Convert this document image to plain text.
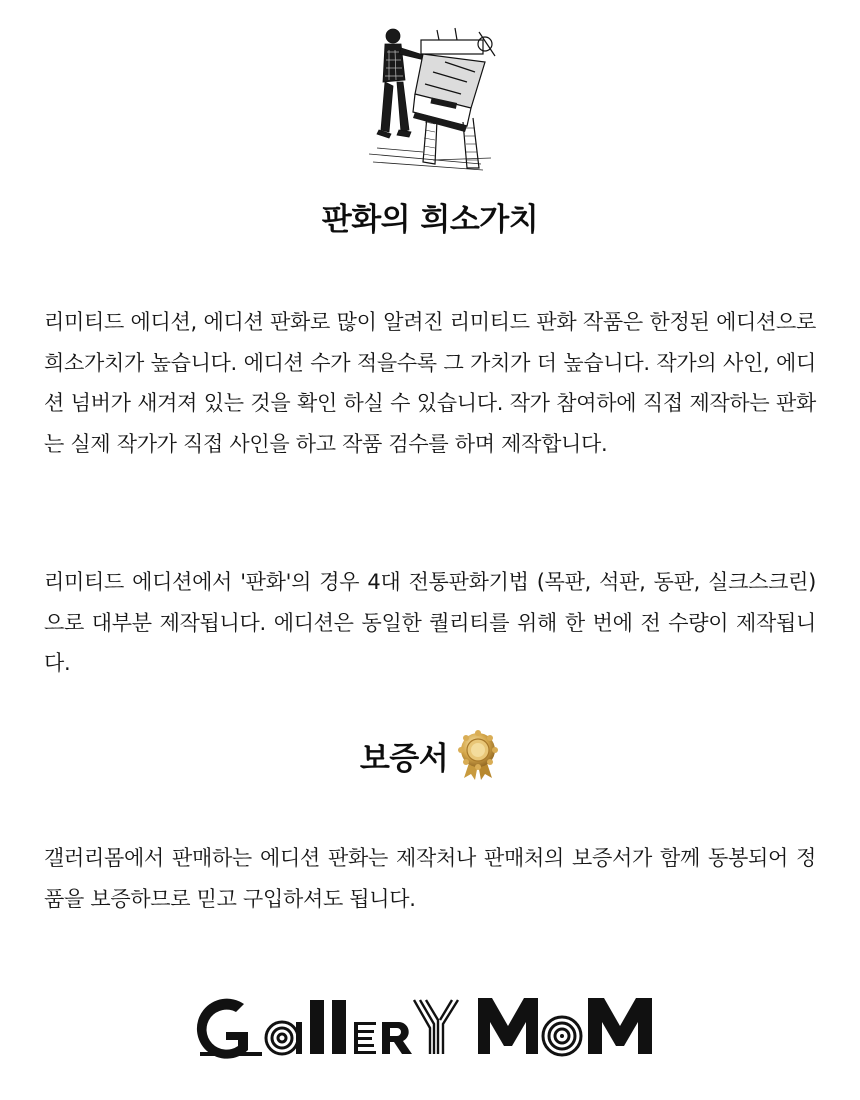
판화의 희소가치

리미티드 에디션, 에디션 판화로 많이 알려진 리미티드 판화 작품은 한정된 에디션으로 희소가치가 높습니다. 에디션 수가 적을수록 그 가치가 더 높습니다. 작가의 사인, 에디션 넘버가 새겨져 있는 것을 확인 하실 수 있습니다. 작가 참여하에 직접 제작하는 판화는 실제 작가가 직접 사인을 하고 작품 검수를 하며 제작합니다.

리미티드 에디션에서 '판화'의 경우 4대 전통판화기법 (목판, 석판, 동판, 실크스크린)으로 대부분 제작됩니다. 에디션은 동일한 퀄리티를 위해 한 번에 전 수량이 제작됩니다.

보증서

갤러리몸에서 판매하는 에디션 판화는 제작처나 판매처의 보증서가 함께 동봉되어 정품을 보증하므로 믿고 구입하셔도 됩니다.
